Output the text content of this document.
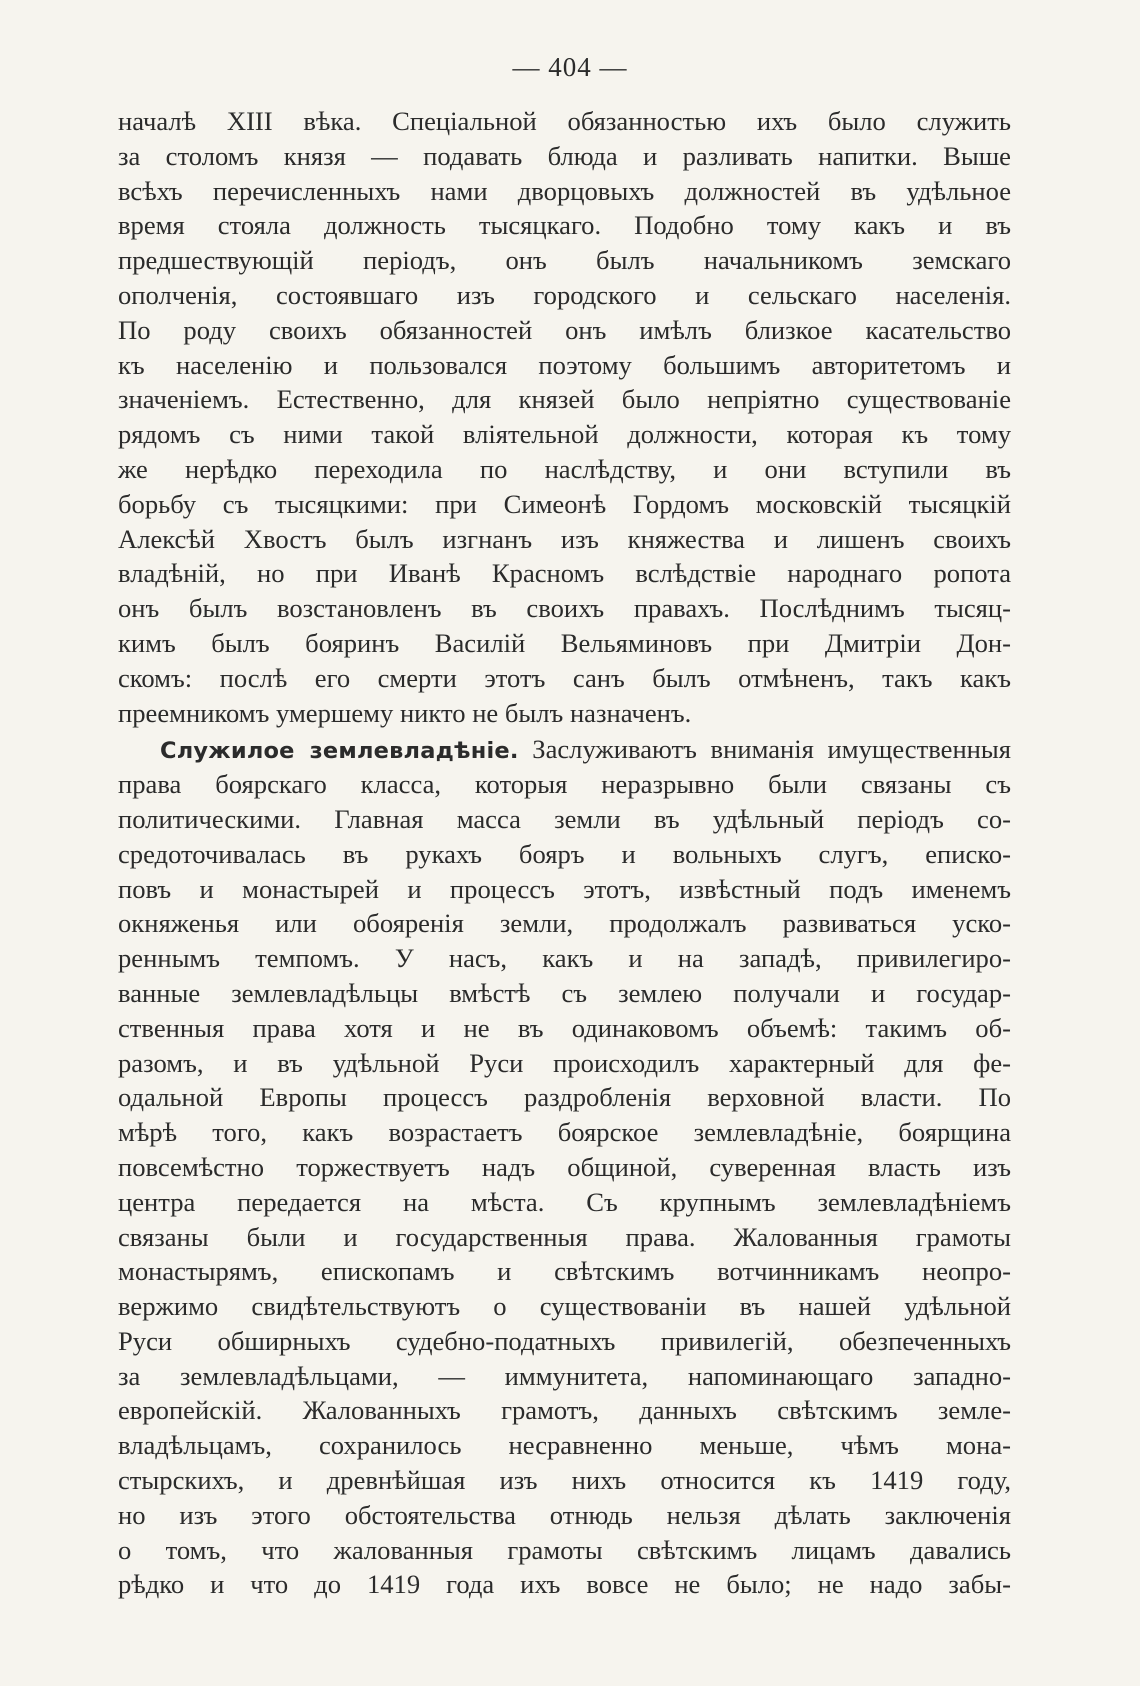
— 404 —
началѣ XIII вѣка. Спеціальной обязанностью ихъ было служить
за столомъ князя — подавать блюда и разливать напитки. Выше
всѣхъ перечисленныхъ нами дворцовыхъ должностей въ удѣльное
время стояла должность тысяцкаго. Подобно тому какъ и въ
предшествующій періодъ, онъ былъ начальникомъ земскаго
ополченія, состоявшаго изъ городского и сельскаго населенія.
По роду своихъ обязанностей онъ имѣлъ близкое касательство
къ населенію и пользовался поэтому большимъ авторитетомъ и
значеніемъ. Естественно, для князей было непріятно существованіе
рядомъ съ ними такой вліятельной должности, которая къ тому
же нерѣдко переходила по наслѣдству, и они вступили въ
борьбу съ тысяцкими: при Симеонѣ Гордомъ московскій тысяцкій
Алексѣй Хвостъ былъ изгнанъ изъ княжества и лишенъ своихъ
владѣній, но при Иванѣ Красномъ вслѣдствіе народнаго ропота
онъ былъ возстановленъ въ своихъ правахъ. Послѣднимъ тысяц-
кимъ былъ бояринъ Василій Вельяминовъ при Дмитріи Дон-
скомъ: послѣ его смерти этотъ санъ былъ отмѣненъ, такъ какъ
преемникомъ умершему никто не былъ назначенъ.
Служилое землевладѣніе. Заслуживаютъ вниманія имущественныя
права боярскаго класса, которыя неразрывно были связаны съ
политическими. Главная масса земли въ удѣльный періодъ со-
средоточивалась въ рукахъ бояръ и вольныхъ слугъ, еписко-
повъ и монастырей и процессъ этотъ, извѣстный подъ именемъ
окняженья или обояренія земли, продолжалъ развиваться уско-
реннымъ темпомъ. У насъ, какъ и на западѣ, привилегиро-
ванные землевладѣльцы вмѣстѣ съ землею получали и государ-
ственныя права хотя и не въ одинаковомъ объемѣ: такимъ об-
разомъ, и въ удѣльной Руси происходилъ характерный для фе-
одальной Европы процессъ раздробленія верховной власти. По
мѣрѣ того, какъ возрастаетъ боярское землевладѣніе, боярщина
повсемѣстно торжествуетъ надъ общиной, суверенная власть изъ
центра передается на мѣста. Съ крупнымъ землевладѣніемъ
связаны были и государственныя права. Жалованныя грамоты
монастырямъ, епископамъ и свѣтскимъ вотчинникамъ неопро-
вержимо свидѣтельствуютъ о существованіи въ нашей удѣльной
Руси обширныхъ судебно-податныхъ привилегій, обезпеченныхъ
за землевладѣльцами, — иммунитета, напоминающаго западно-
европейскій. Жалованныхъ грамотъ, данныхъ свѣтскимъ земле-
владѣльцамъ, сохранилось несравненно меньше, чѣмъ мона-
стырскихъ, и древнѣйшая изъ нихъ относится къ 1419 году,
но изъ этого обстоятельства отнюдь нельзя дѣлать заключенія
о томъ, что жалованныя грамоты свѣтскимъ лицамъ давались
рѣдко и что до 1419 года ихъ вовсе не было; не надо забы-
